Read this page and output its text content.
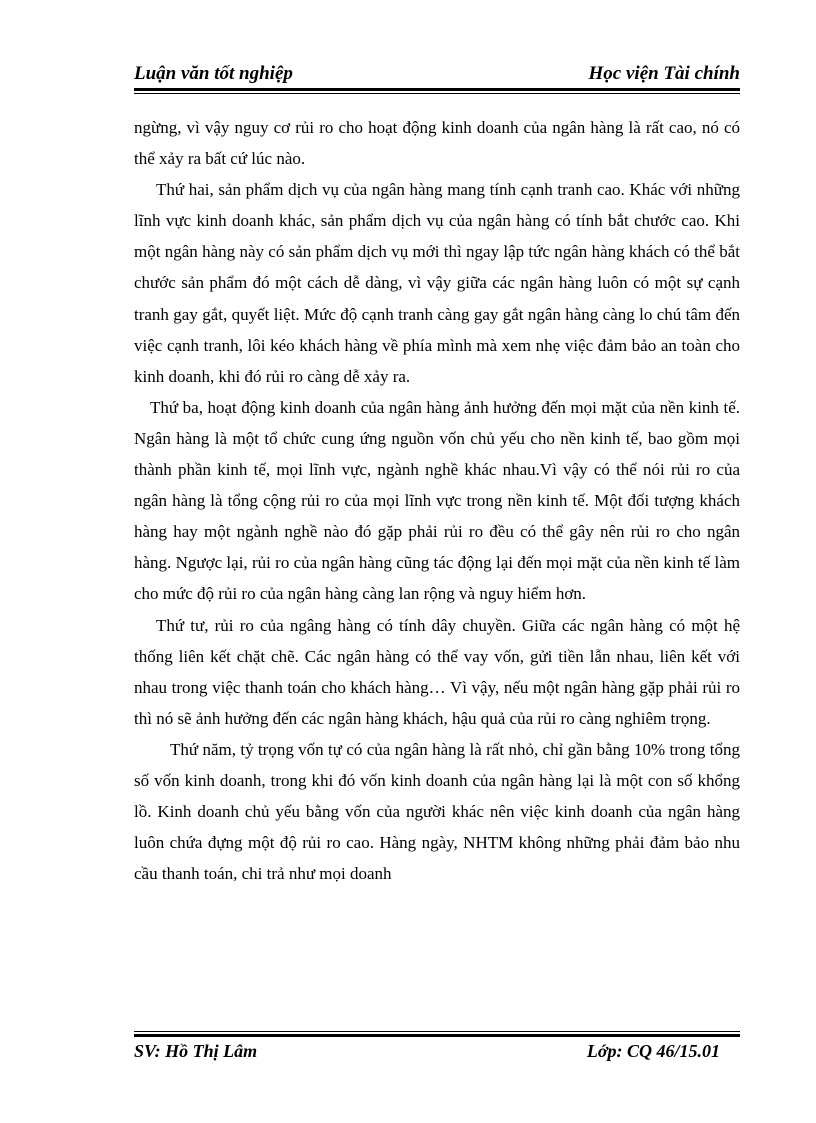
Luận văn tốt nghiệp	Học viện Tài chính

ngừng, vì vậy nguy cơ rủi ro cho hoạt động kinh doanh của ngân hàng là rất cao, nó có thể xảy ra bất cứ lúc nào.

Thứ hai, sản phẩm dịch vụ của ngân hàng mang tính cạnh tranh cao. Khác với những lĩnh vực kinh doanh khác, sản phẩm dịch vụ của ngân hàng có tính bắt chước cao. Khi một ngân hàng này có sản phẩm dịch vụ mới thì ngay lập tức ngân hàng khách có thể bắt chước sản phẩm đó một cách dễ dàng, vì vậy giữa các ngân hàng luôn có một sự cạnh tranh gay gắt, quyết liệt. Mức độ cạnh tranh càng gay gắt ngân hàng càng lo chú tâm đến việc cạnh tranh, lôi kéo khách hàng về phía mình mà xem nhẹ việc đảm bảo an toàn cho kinh doanh, khi đó rủi ro càng dễ xảy ra.

Thứ ba, hoạt động kinh doanh của ngân hàng ảnh hưởng đến mọi mặt của nền kinh tế. Ngân hàng là một tổ chức cung ứng nguồn vốn chủ yếu cho nền kinh tế, bao gồm mọi thành phần kinh tế, mọi lĩnh vực, ngành nghề khác nhau.Vì vậy có thể nói rủi ro của ngân hàng là tổng cộng rủi ro của mọi lĩnh vực trong nền kinh tế. Một đối tượng khách hàng hay một ngành nghề nào đó gặp phải rủi ro đều có thể gây nên rủi ro cho ngân hàng. Ngược lại, rủi ro của ngân hàng cũng tác động lại đến mọi mặt của nền kinh tế làm cho mức độ rủi ro của ngân hàng càng lan rộng và nguy hiểm hơn.

Thứ tư, rủi ro của ngâng hàng có tính dây chuyền. Giữa các ngân hàng có một hệ thống liên kết chặt chẽ. Các ngân hàng có thể vay vốn, gửi tiền lẫn nhau, liên kết với nhau trong việc thanh toán cho khách hàng… Vì vậy, nếu một ngân hàng gặp phải rủi ro thì nó sẽ ảnh hưởng đến các ngân hàng khách, hậu quả của rủi ro càng nghiêm trọng.

Thứ năm, tỷ trọng vốn tự có của ngân hàng là rất nhỏ, chỉ gần bằng 10% trong tổng số vốn kinh doanh, trong khi đó vốn kinh doanh của ngân hàng lại là một con số khổng lồ. Kinh doanh chủ yếu bằng vốn của người khác nên việc kinh doanh của ngân hàng luôn chứa đựng một độ rủi ro cao. Hàng ngày, NHTM không những phải đảm bảo nhu cầu thanh toán, chi trả như mọi doanh

SV: Hồ Thị Lâm	Lớp: CQ 46/15.01
